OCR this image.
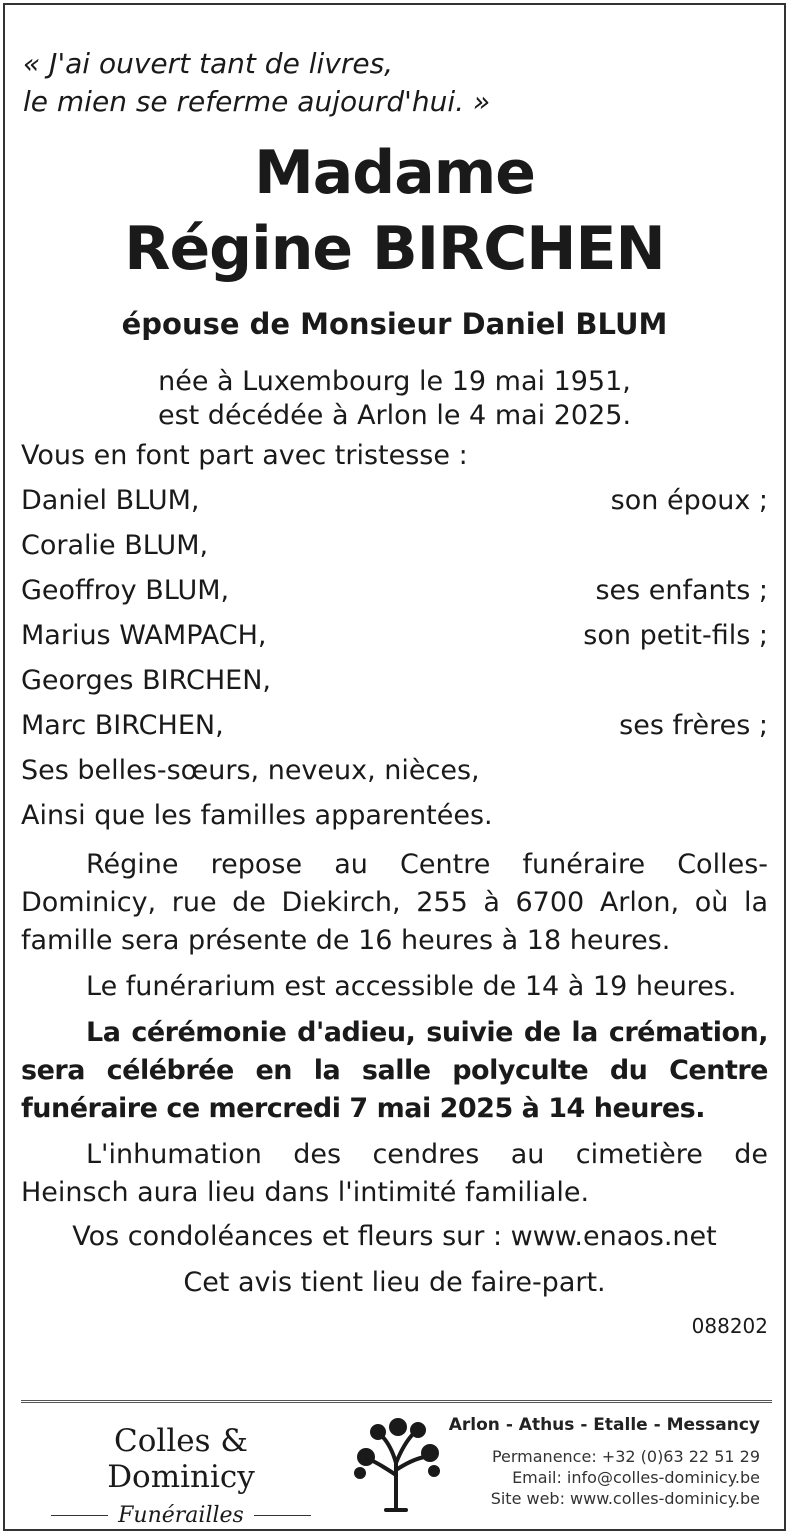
« J'ai ouvert tant de livres,
le mien se referme aujourd'hui. »
Madame
Régine BIRCHEN
épouse de Monsieur Daniel BLUM
née à Luxembourg le 19 mai 1951,
est décédée à Arlon le 4 mai 2025.
Vous en font part avec tristesse :
Daniel BLUM,	son époux ;
Coralie BLUM,
Geoffroy BLUM,	ses enfants ;
Marius WAMPACH,	son petit-fils ;
Georges BIRCHEN,
Marc BIRCHEN,	ses frères ;
Ses belles-sœurs, neveux, nièces,
Ainsi que les familles apparentées.
Régine repose au Centre funéraire Colles-Dominicy, rue de Diekirch, 255 à 6700 Arlon, où la famille sera présente de 16 heures à 18 heures.
Le funérarium est accessible de 14 à 19 heures.
La cérémonie d'adieu, suivie de la crémation, sera célébrée en la salle polyculte du Centre funéraire ce mercredi 7 mai 2025 à 14 heures.
L'inhumation des cendres au cimetière de Heinsch aura lieu dans l'intimité familiale.
Vos condoléances et fleurs sur : www.enaos.net
Cet avis tient lieu de faire-part.
088202
Colles & Dominicy
Funérailles
Arlon - Athus - Etalle - Messancy
Permanence: +32 (0)63 22 51 29
Email: info@colles-dominicy.be
Site web: www.colles-dominicy.be
